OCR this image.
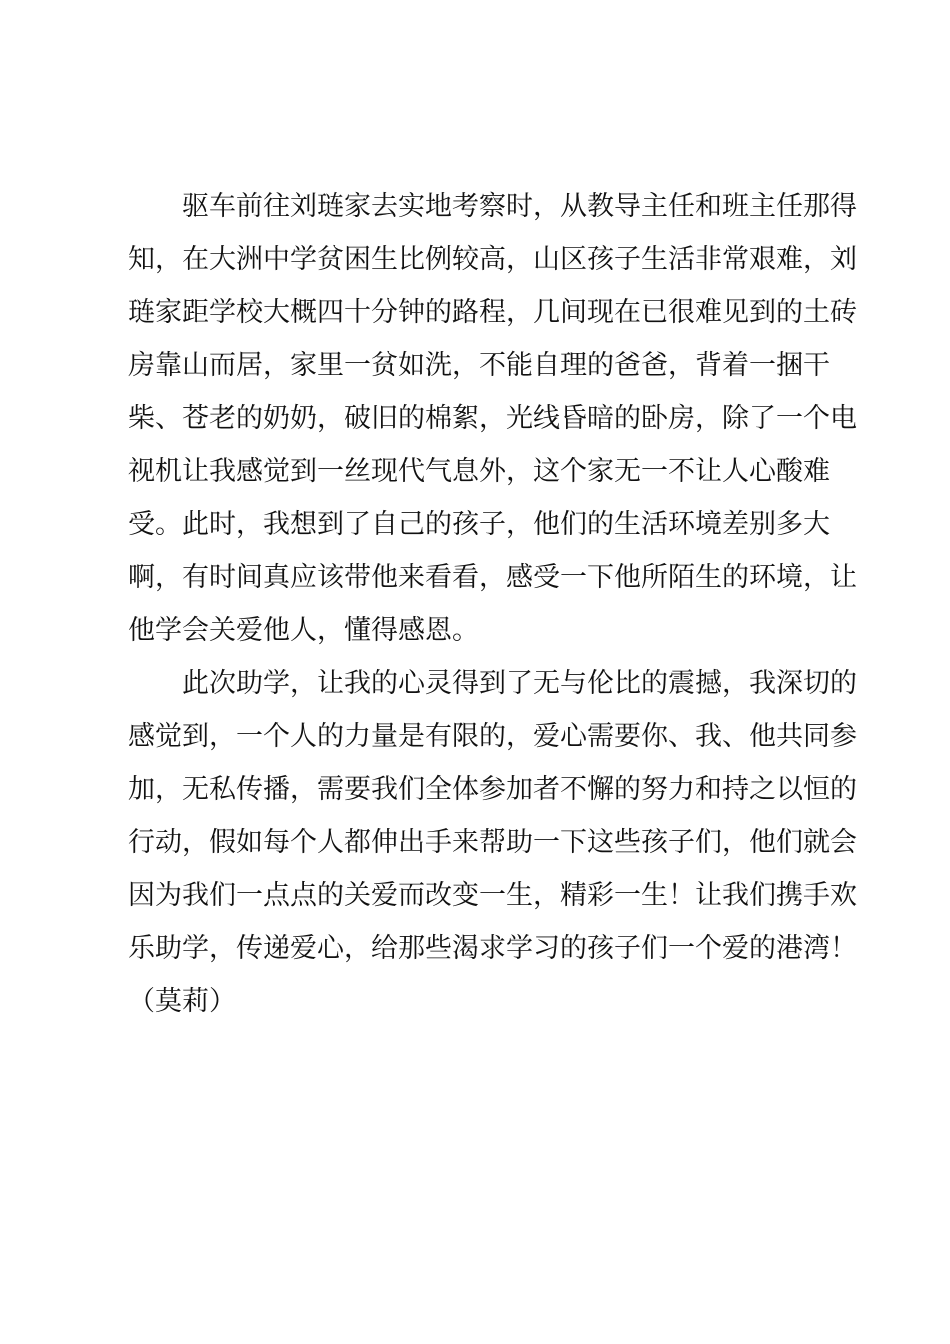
驱车前往刘琏家去实地考察时，从教导主任和班主任那得
知，在大洲中学贫困生比例较高，山区孩子生活非常艰难，刘
琏家距学校大概四十分钟的路程，几间现在已很难见到的土砖
房靠山而居，家里一贫如洗，不能自理的爸爸，背着一捆干
柴、苍老的奶奶，破旧的棉絮，光线昏暗的卧房，除了一个电
视机让我感觉到一丝现代气息外，这个家无一不让人心酸难
受。此时，我想到了自己的孩子，他们的生活环境差别多大
啊，有时间真应该带他来看看，感受一下他所陌生的环境，让
他学会关爱他人，懂得感恩。
此次助学，让我的心灵得到了无与伦比的震撼，我深切的
感觉到，一个人的力量是有限的，爱心需要你、我、他共同参
加，无私传播，需要我们全体参加者不懈的努力和持之以恒的
行动，假如每个人都伸出手来帮助一下这些孩子们，他们就会
因为我们一点点的关爱而改变一生，精彩一生！让我们携手欢
乐助学，传递爱心，给那些渴求学习的孩子们一个爱的港湾！
（莫莉）
